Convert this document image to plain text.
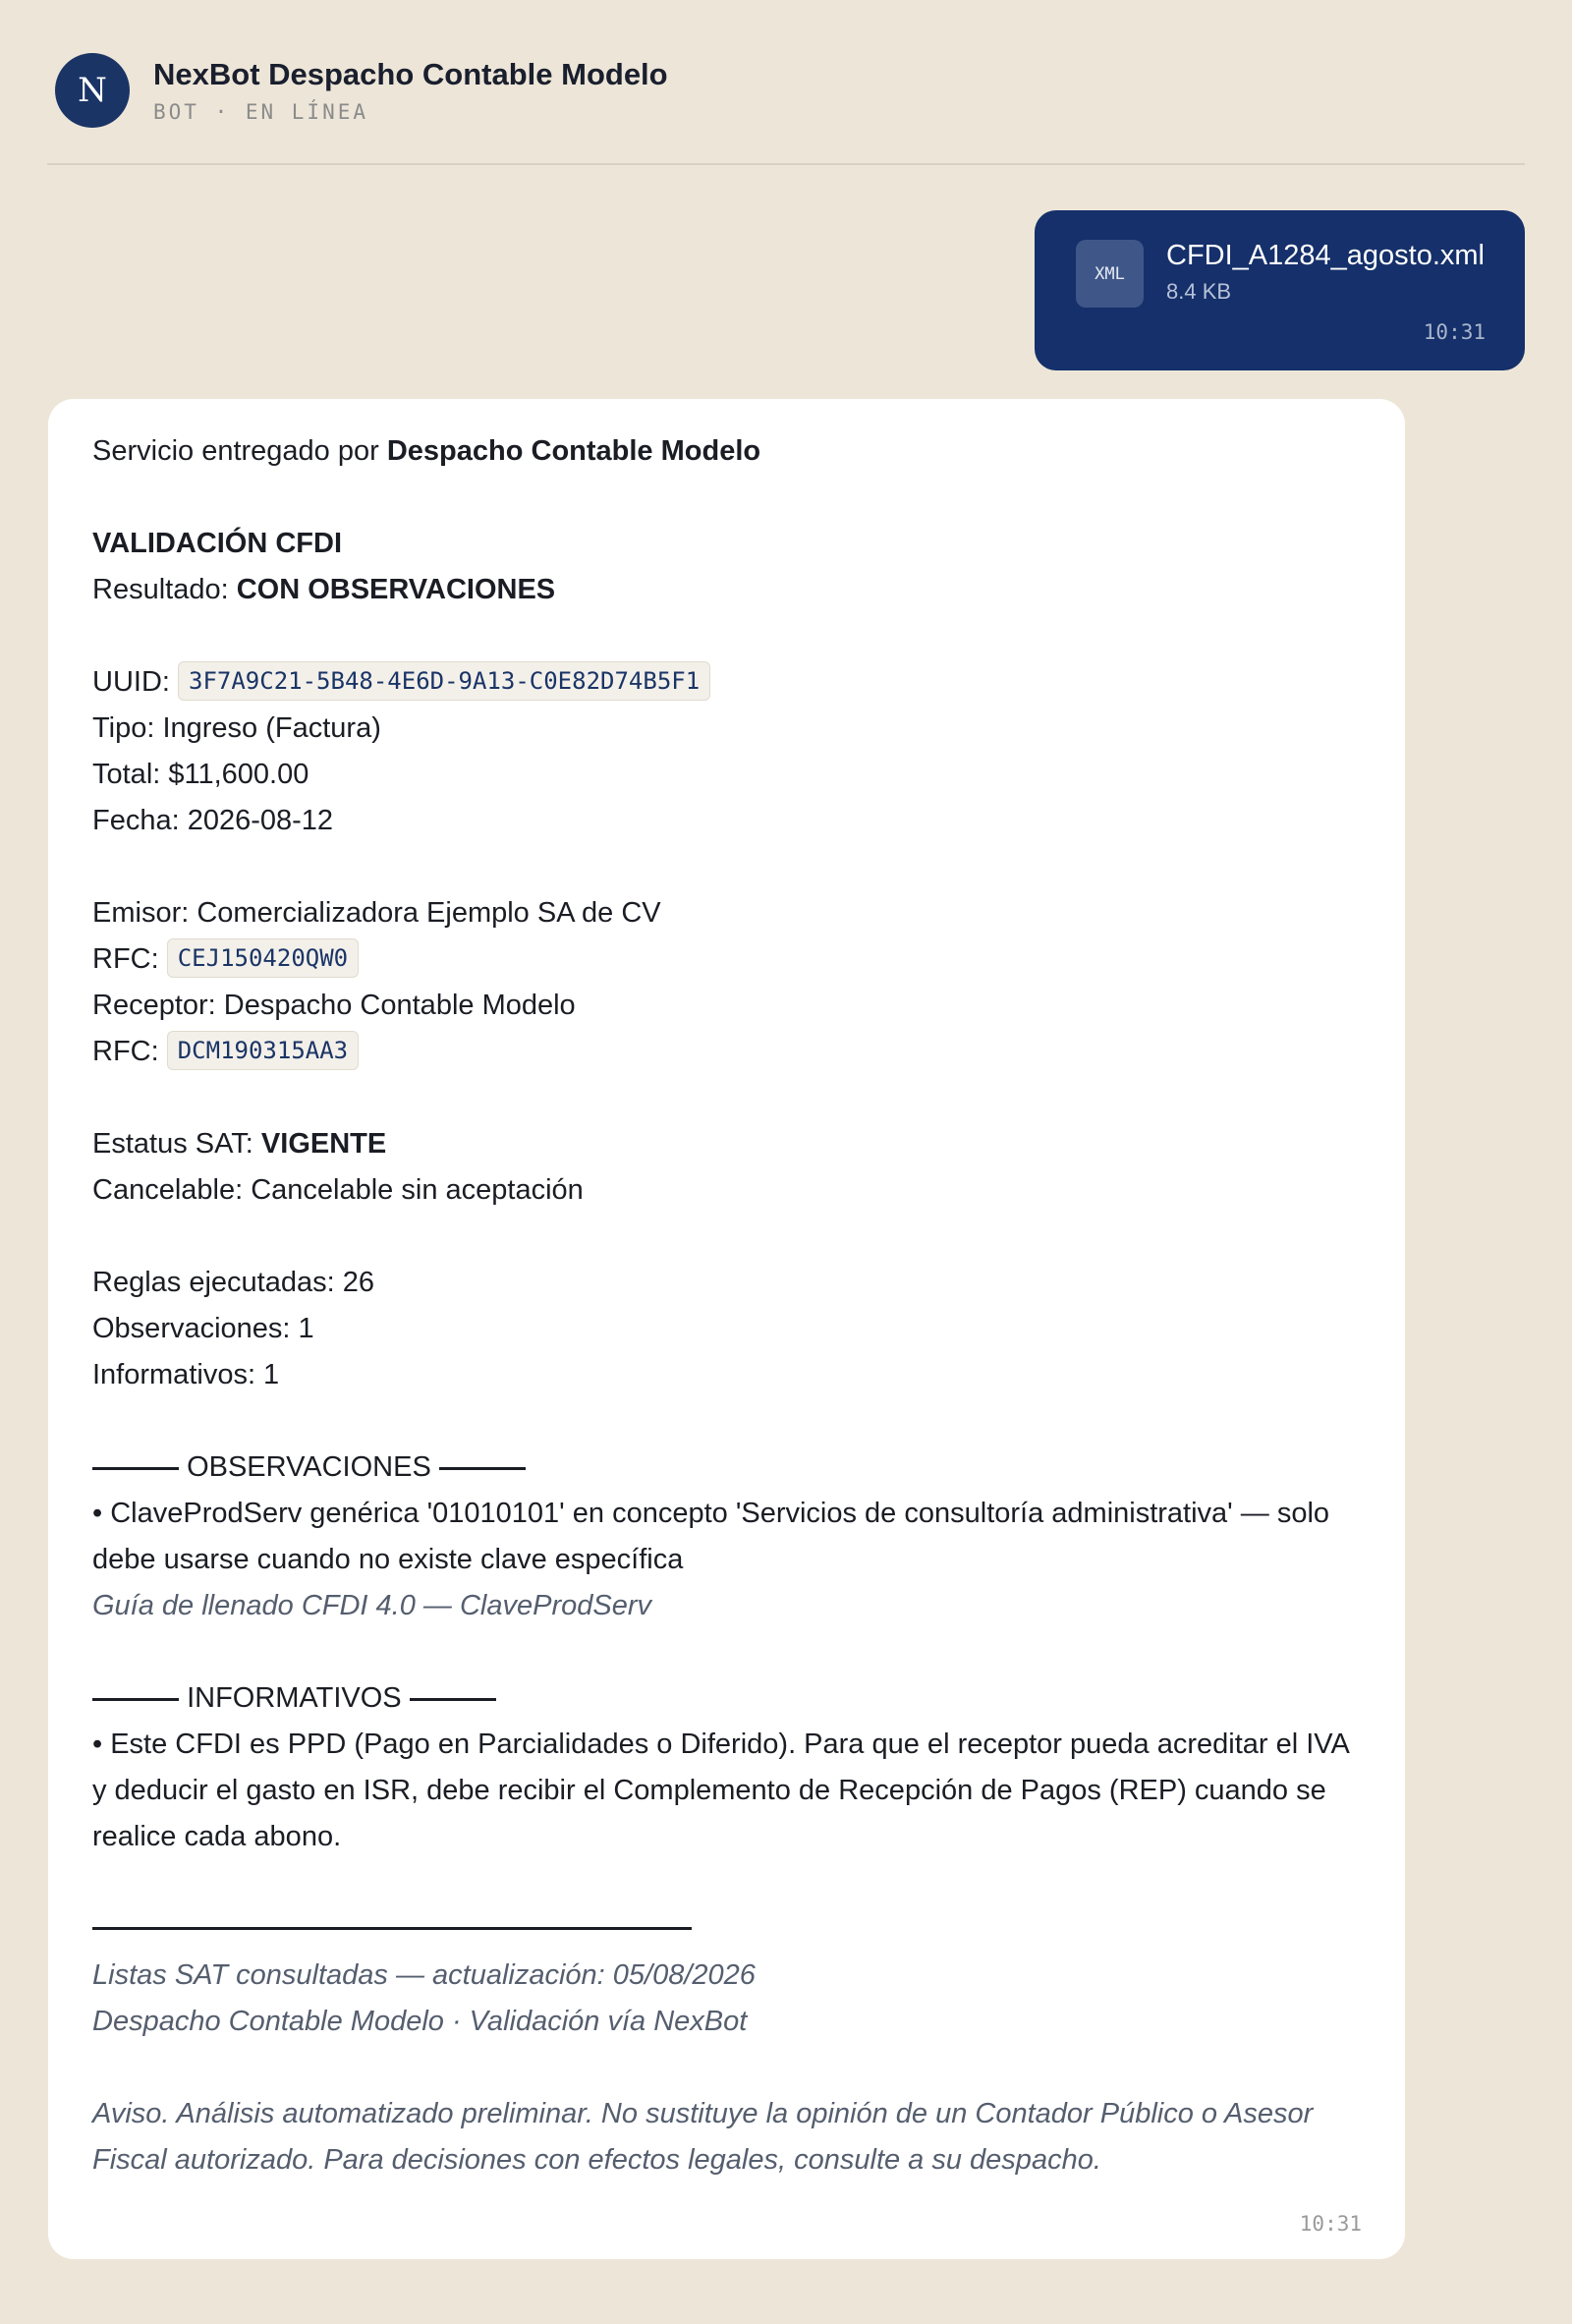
N	NexBot Despacho Contable Modelo
BOT · EN LÍNEA
XML
CFDI_A1284_agosto.xml
8.4 KB
10:31
Servicio entregado por Despacho Contable Modelo
VALIDACIÓN CFDI
Resultado: CON OBSERVACIONES
UUID: 3F7A9C21-5B48-4E6D-9A13-C0E82D74B5F1
Tipo: Ingreso (Factura)
Total: $11,600.00
Fecha: 2026-08-12
Emisor: Comercializadora Ejemplo SA de CV
RFC: CEJ150420QW0
Receptor: Despacho Contable Modelo
RFC: DCM190315AA3
Estatus SAT: VIGENTE
Cancelable: Cancelable sin aceptación
Reglas ejecutadas: 26
Observaciones: 1
Informativos: 1
OBSERVACIONES
• ClaveProdServ genérica '01010101' en concepto 'Servicios de consultoría administrativa' — solo debe usarse cuando no existe clave específica
Guía de llenado CFDI 4.0 — ClaveProdServ
INFORMATIVOS
• Este CFDI es PPD (Pago en Parcialidades o Diferido). Para que el receptor pueda acreditar el IVA y deducir el gasto en ISR, debe recibir el Complemento de Recepción de Pagos (REP) cuando se realice cada abono.
Listas SAT consultadas — actualización: 05/08/2026
Despacho Contable Modelo · Validación vía NexBot
Aviso. Análisis automatizado preliminar. No sustituye la opinión de un Contador Público o Asesor Fiscal autorizado. Para decisiones con efectos legales, consulte a su despacho.
10:31
